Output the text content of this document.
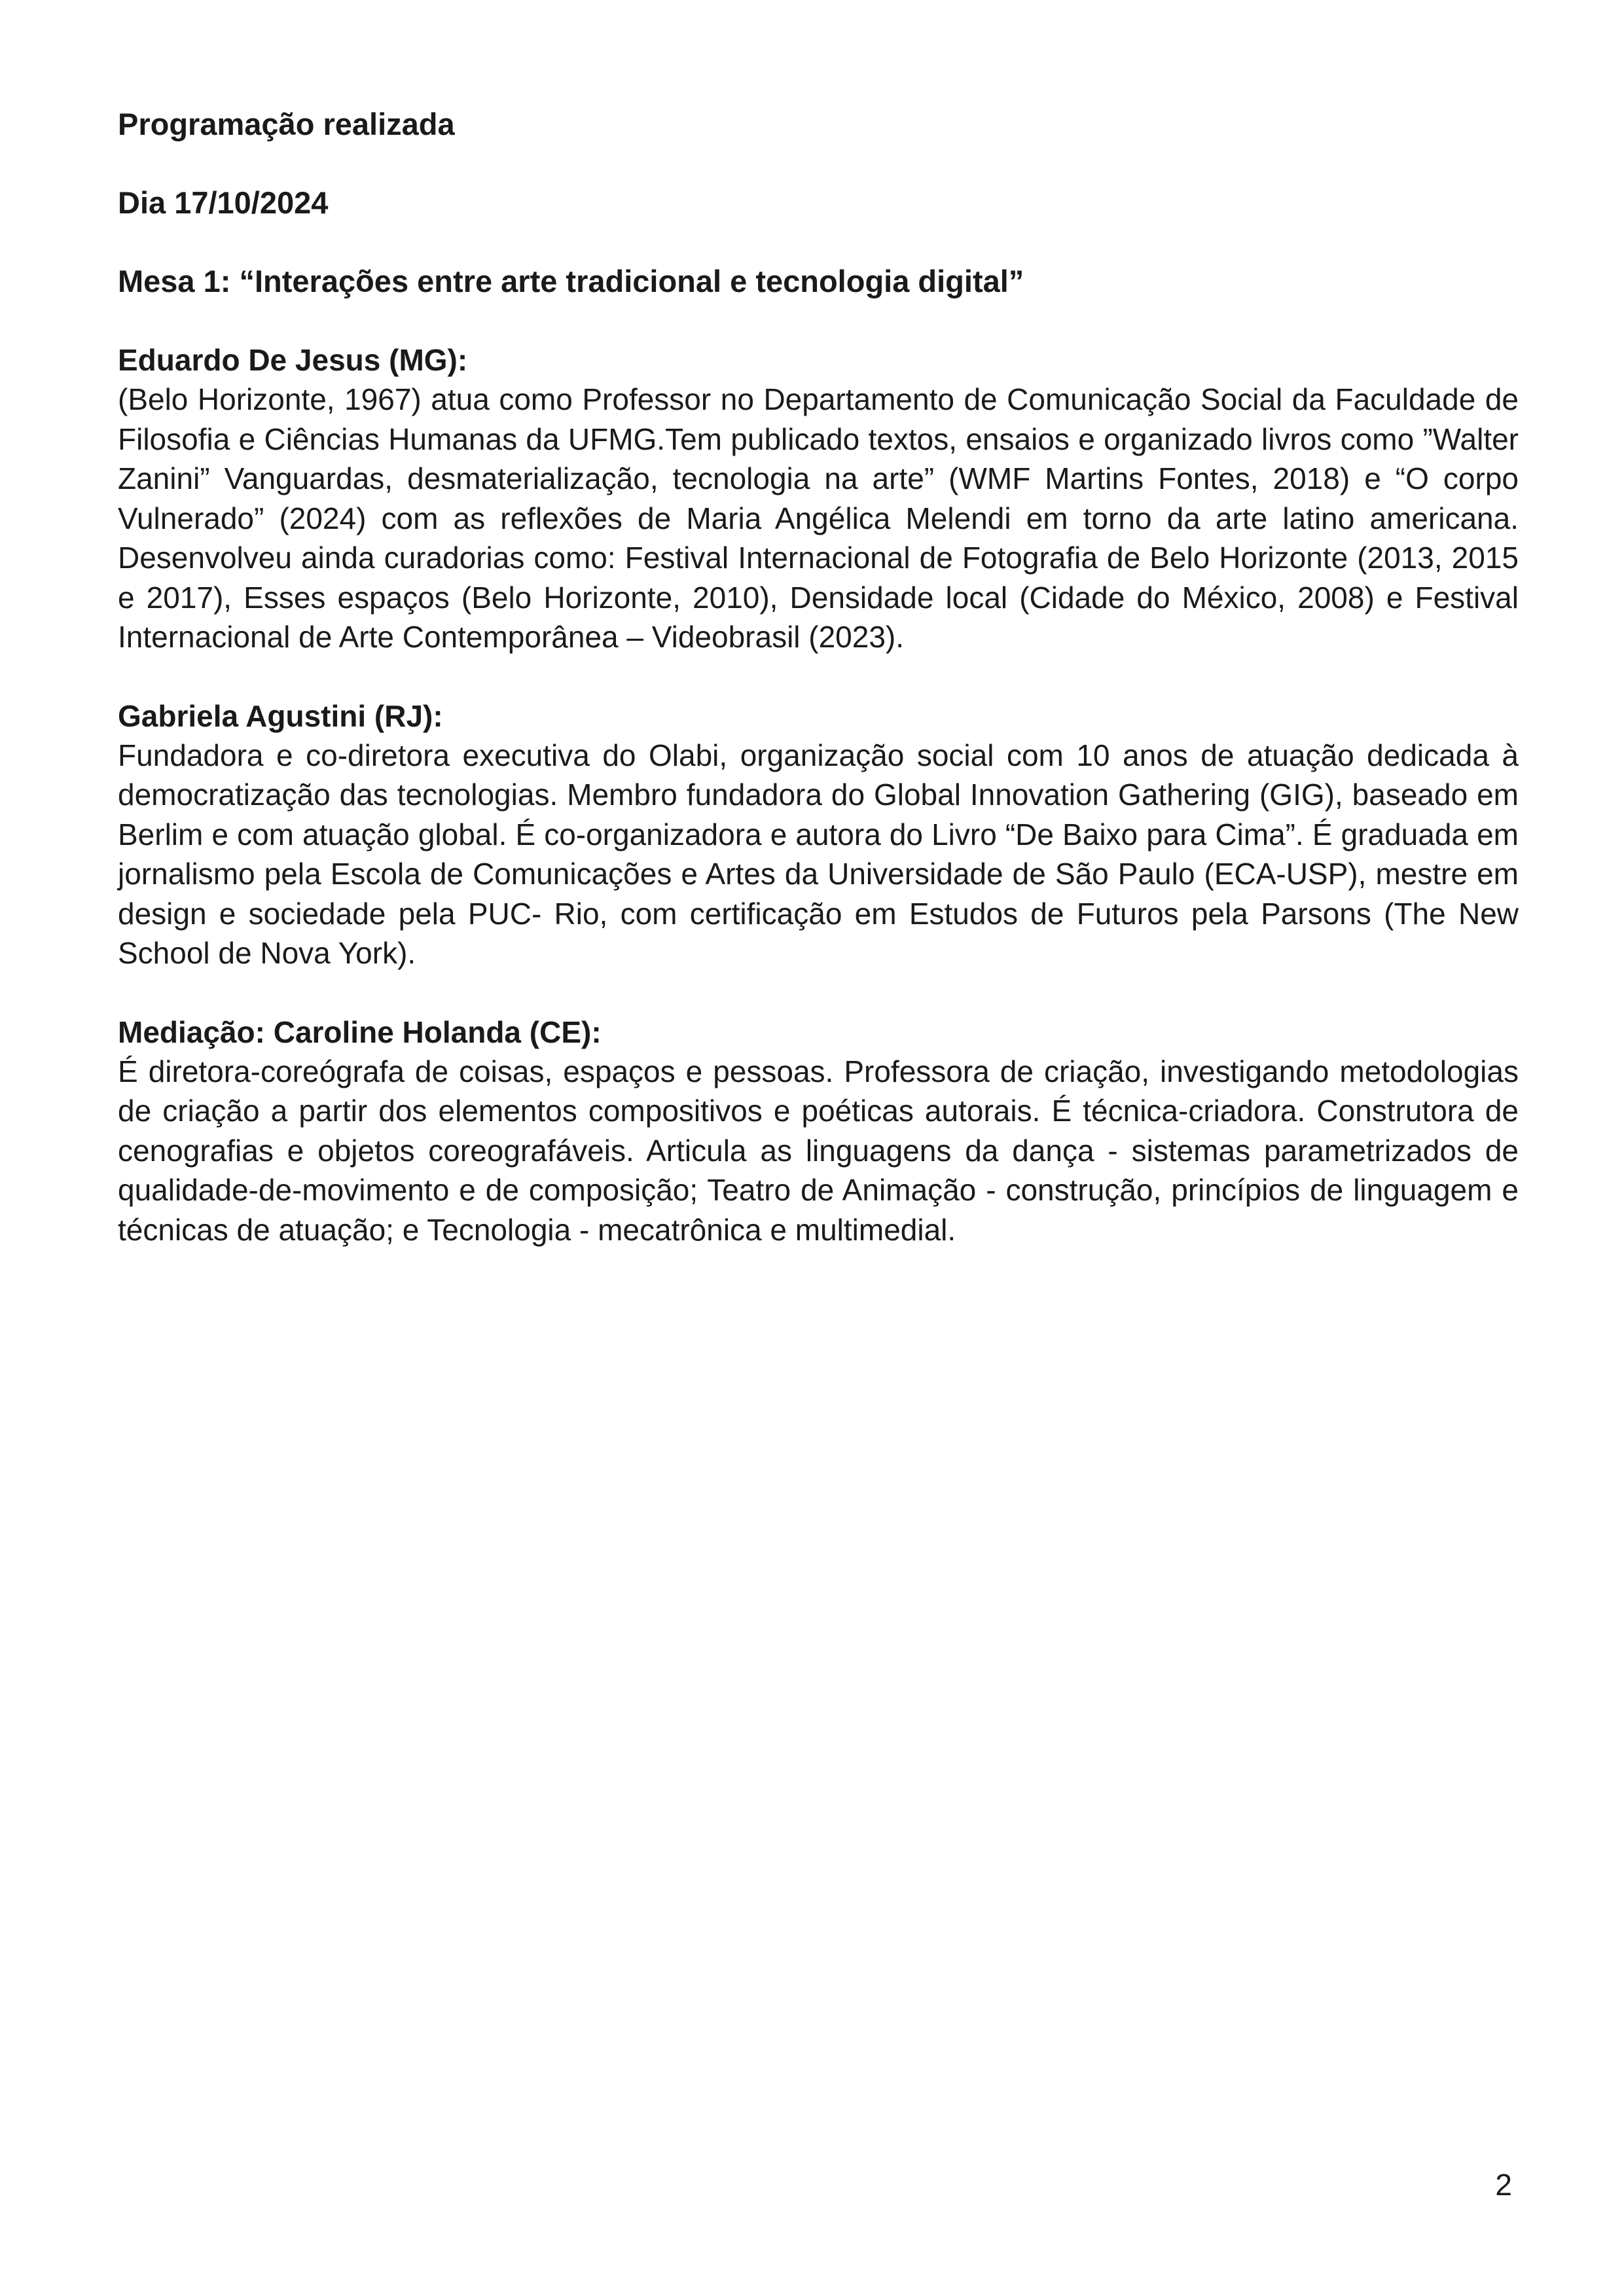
Programação realizada
Dia 17/10/2024
Mesa 1: “Interações entre arte tradicional e tecnologia digital”

Eduardo De Jesus (MG):

(Belo Horizonte, 1967) atua como Professor no Departamento de Comunicação Social da Faculdade de Filosofia e Ciências Humanas da UFMG.Tem publicado textos, ensaios e organizado livros como ”Walter Zanini” Vanguardas, desmaterialização, tecnologia na arte” (WMF Martins Fontes, 2018) e “O corpo Vulnerado” (2024) com as reflexões de Maria Angélica Melendi em torno da arte latino americana. Desenvolveu ainda curadorias como: Festival Internacional de Fotografia de Belo Horizonte (2013, 2015 e 2017), Esses espaços (Belo Horizonte, 2010), Densidade local (Cidade do México, 2008) e Festival Internacional de Arte Contemporânea – Videobrasil (2023).

Gabriela Agustini (RJ):

Fundadora e co-diretora executiva do Olabi, organização social com 10 anos de atuação dedicada à democratização das tecnologias. Membro fundadora do Global Innovation Gathering (GIG), baseado em Berlim e com atuação global. É co-organizadora e autora do Livro “De Baixo para Cima”. É graduada em jornalismo pela Escola de Comunicações e Artes da Universidade de São Paulo (ECA-USP), mestre em design e sociedade pela PUC- Rio, com certificação em Estudos de Futuros pela Parsons (The New School de Nova York).

Mediação: Caroline Holanda (CE):

É diretora-coreógrafa de coisas, espaços e pessoas. Professora de criação, investigando metodologias de criação a partir dos elementos compositivos e poéticas autorais. É técnica-criadora. Construtora de cenografias e objetos coreografáveis. Articula as linguagens da dança - sistemas parametrizados de qualidade-de-movimento e de composição; Teatro de Animação - construção, princípios de linguagem e técnicas de atuação; e Tecnologia - mecatrônica e multimedial.

2
